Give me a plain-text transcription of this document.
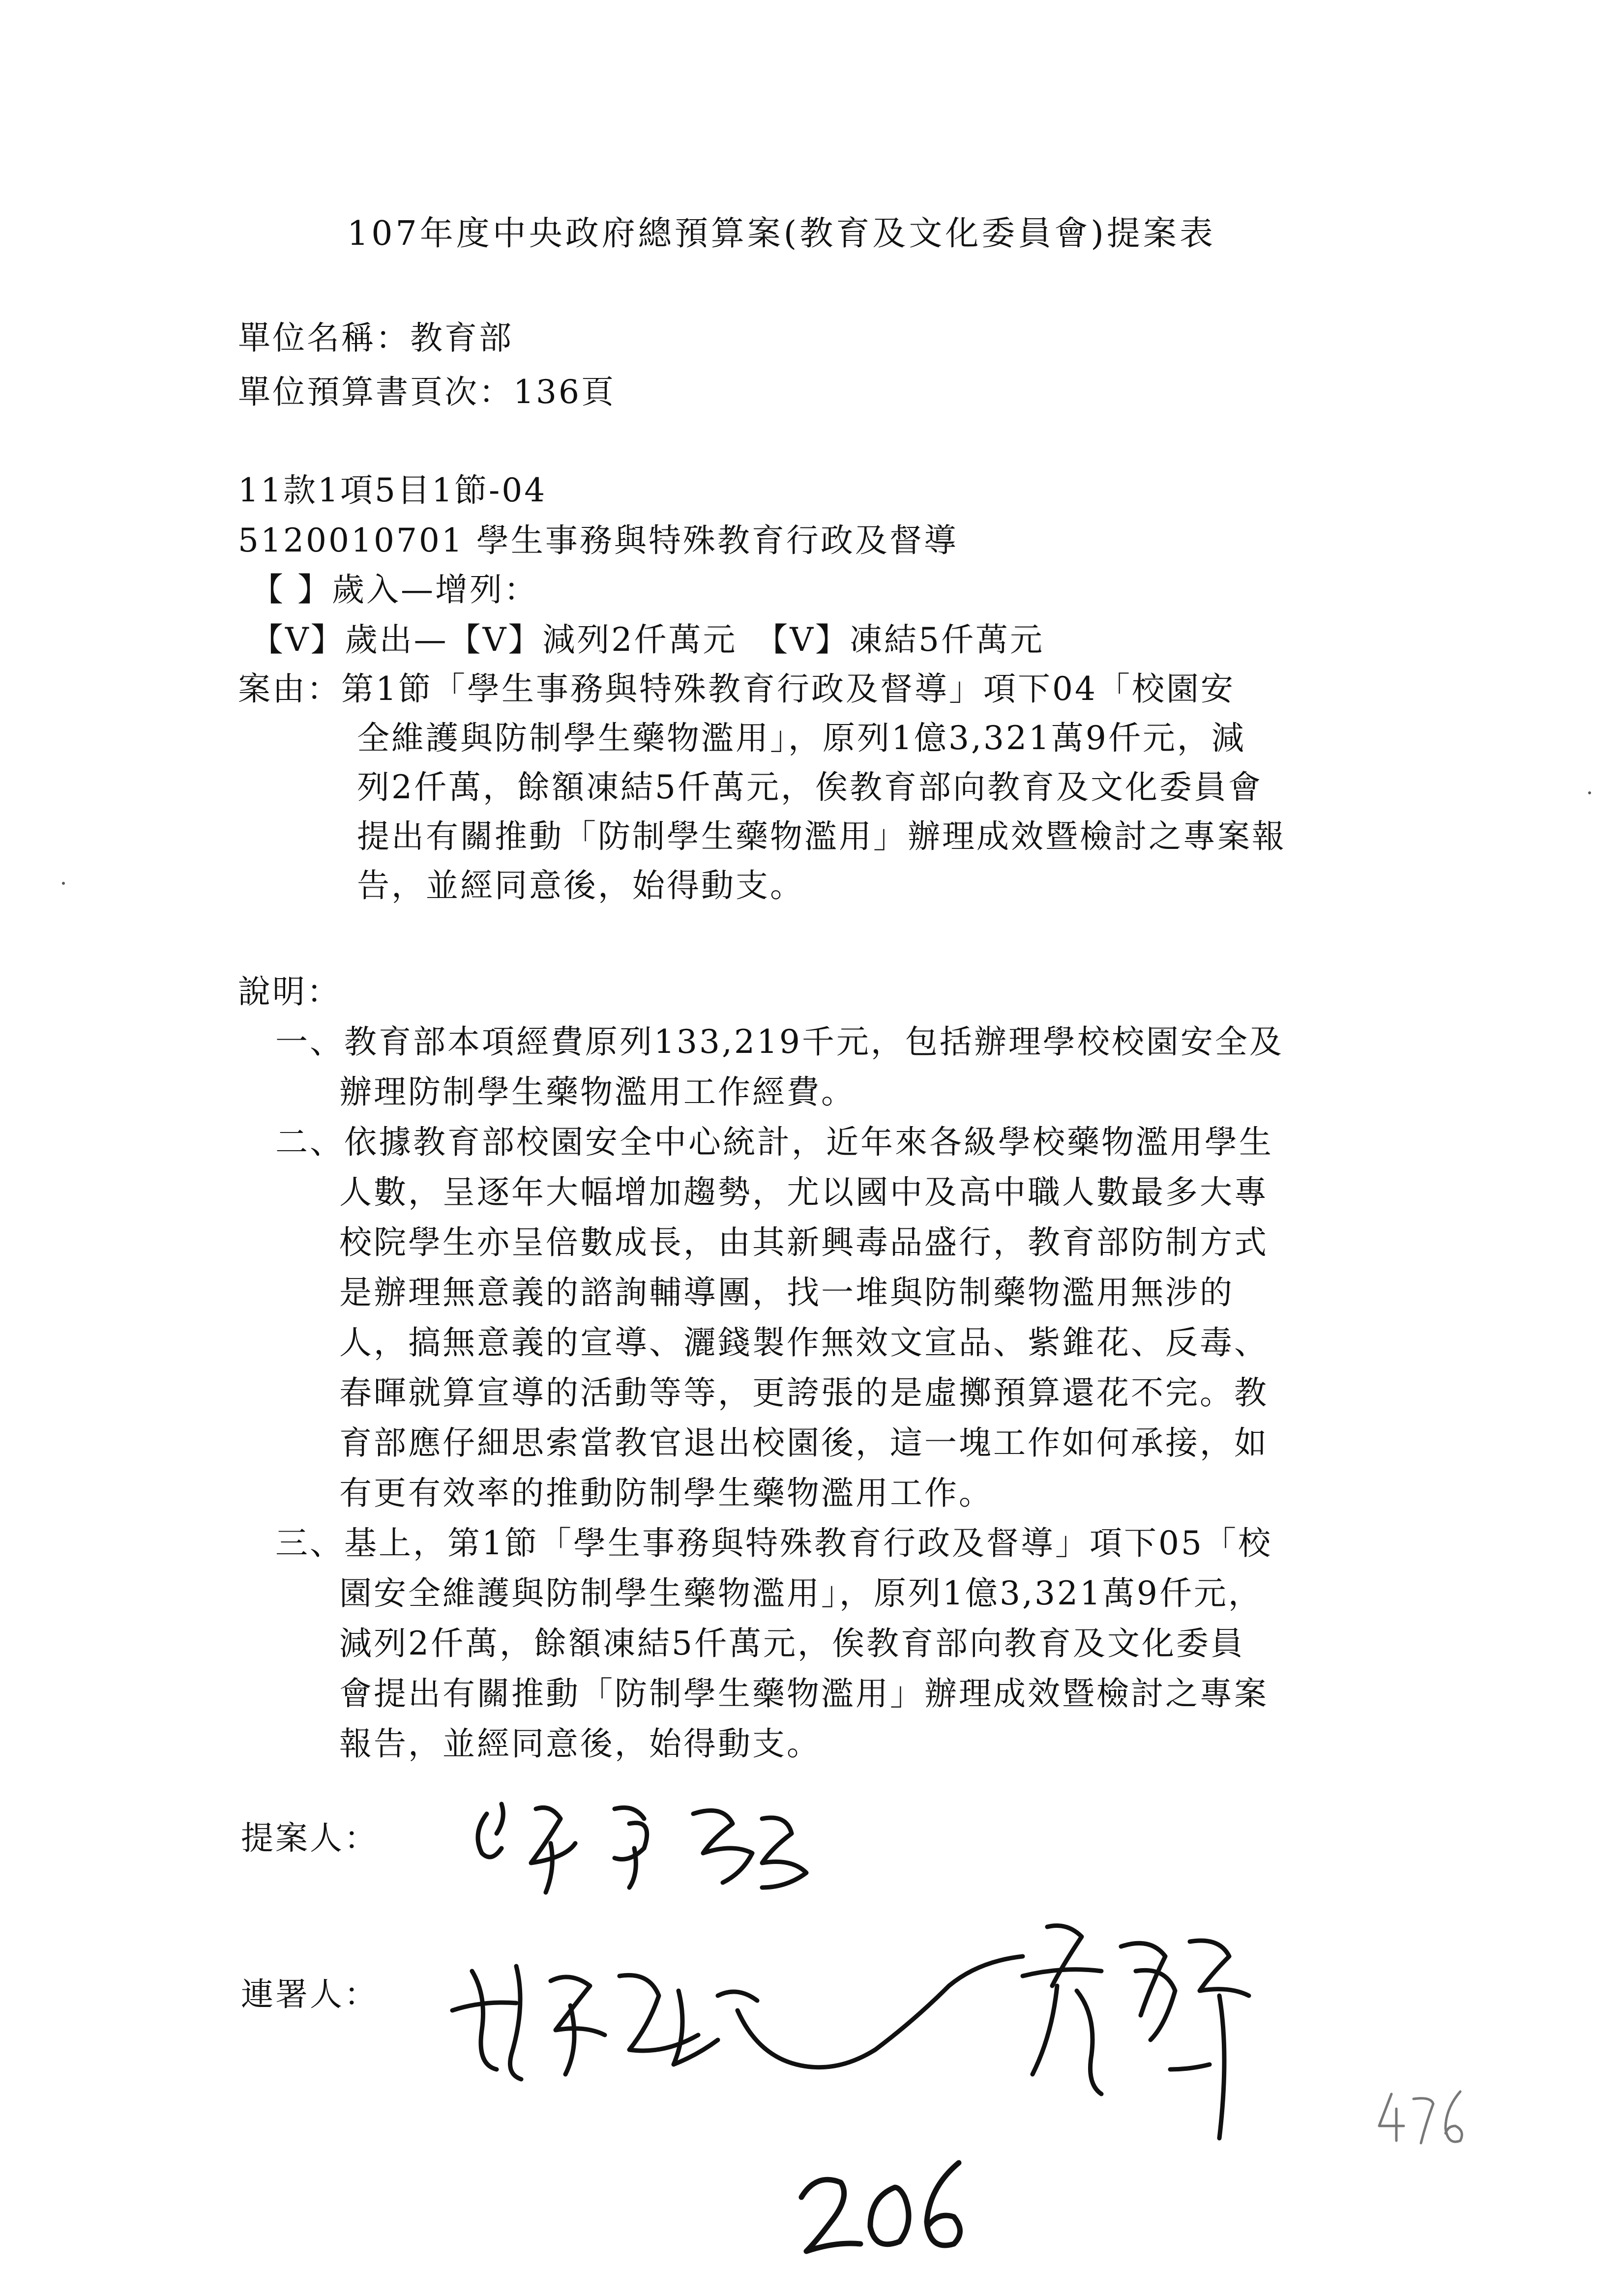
107年度中央政府總預算案(教育及文化委員會)提案表
單位名稱：教育部
單位預算書頁次：136頁
11款1項5目1節-04
5120010701 學生事務與特殊教育行政及督導
【 】歲入—增列：
【V】歲出—【V】減列2仟萬元　【V】凍結5仟萬元
案由：第1節「學生事務與特殊教育行政及督導」項下04「校園安
全維護與防制學生藥物濫用」，原列1億3,321萬9仟元，減
列2仟萬，餘額凍結5仟萬元，俟教育部向教育及文化委員會
提出有關推動「防制學生藥物濫用」辦理成效暨檢討之專案報
告，並經同意後，始得動支。
說明：
一、教育部本項經費原列133,219千元，包括辦理學校校園安全及
辦理防制學生藥物濫用工作經費。
二、依據教育部校園安全中心統計，近年來各級學校藥物濫用學生
人數，呈逐年大幅增加趨勢，尤以國中及高中職人數最多大專
校院學生亦呈倍數成長，由其新興毒品盛行，教育部防制方式
是辦理無意義的諮詢輔導團，找一堆與防制藥物濫用無涉的
人，搞無意義的宣導、灑錢製作無效文宣品、紫錐花、反毒、
春暉就算宣導的活動等等，更誇張的是虛擲預算還花不完。教
育部應仔細思索當教官退出校園後，這一塊工作如何承接，如
有更有效率的推動防制學生藥物濫用工作。
三、基上，第1節「學生事務與特殊教育行政及督導」項下05「校
園安全維護與防制學生藥物濫用」，原列1億3,321萬9仟元，
減列2仟萬，餘額凍結5仟萬元，俟教育部向教育及文化委員
會提出有關推動「防制學生藥物濫用」辦理成效暨檢討之專案
報告，並經同意後，始得動支。
提案人：
連署人：
